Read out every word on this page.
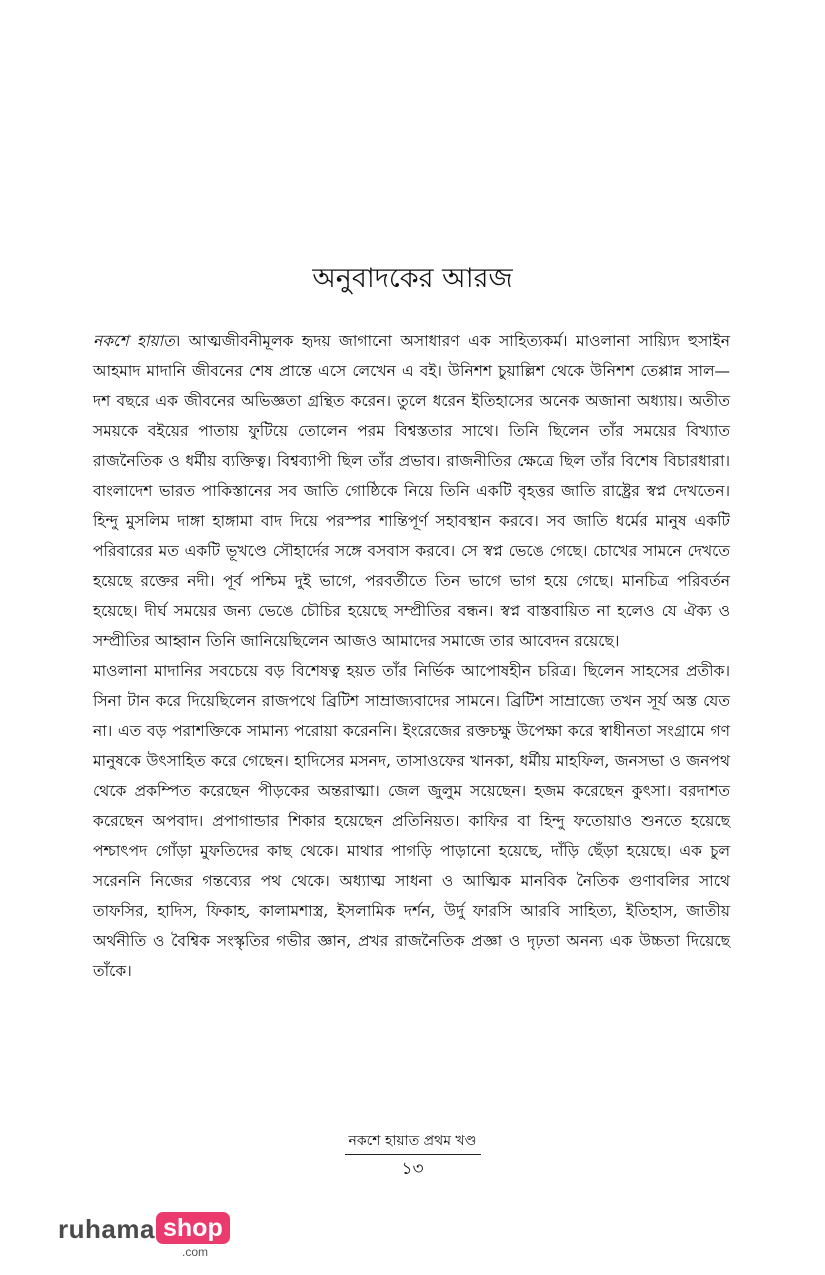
অনুবাদকের আরজ

নকশে হায়াত। আত্মজীবনীমূলক হৃদয় জাগানো অসাধারণ এক সাহিত্যকর্ম। মাওলানা সায়্যিদ হুসাইন আহমাদ মাদানি জীবনের শেষ প্রান্তে এসে লেখেন এ বই। উনিশশ চুয়াল্লিশ থেকে উনিশশ তেপ্পান্ন সাল— দশ বছরে এক জীবনের অভিজ্ঞতা গ্রন্থিত করেন। তুলে ধরেন ইতিহাসের অনেক অজানা অধ্যায়। অতীত সময়কে বইয়ের পাতায় ফুটিয়ে তোলেন পরম বিশ্বস্ততার সাথে। তিনি ছিলেন তাঁর সময়ের বিখ্যাত রাজনৈতিক ও ধর্মীয় ব্যক্তিত্ব। বিশ্বব্যাপী ছিল তাঁর প্রভাব। রাজনীতির ক্ষেত্রে ছিল তাঁর বিশেষ বিচারধারা। বাংলাদেশ ভারত পাকিস্তানের সব জাতি গোষ্ঠিকে নিয়ে তিনি একটি বৃহত্তর জাতি রাষ্ট্রের স্বপ্ন দেখতেন। হিন্দু মুসলিম দাঙ্গা হাঙ্গামা বাদ দিয়ে পরস্পর শান্তিপূর্ণ সহাবস্থান করবে। সব জাতি ধর্মের মানুষ একটি পরিবারের মত একটি ভূখণ্ডে সৌহার্দের সঙ্গে বসবাস করবে। সে স্বপ্ন ভেঙে গেছে। চোখের সামনে দেখতে হয়েছে রক্তের নদী। পূর্ব পশ্চিম দুই ভাগে, পরবর্তীতে তিন ভাগে ভাগ হয়ে গেছে। মানচিত্র পরিবর্তন হয়েছে। দীর্ঘ সময়ের জন্য ভেঙে চৌচির হয়েছে সম্প্রীতির বন্ধন। স্বপ্ন বাস্তবায়িত না হলেও যে ঐক্য ও সম্প্রীতির আহ্বান তিনি জানিয়েছিলেন আজও আমাদের সমাজে তার আবেদন রয়েছে।

মাওলানা মাদানির সবচেয়ে বড় বিশেষত্ব হয়ত তাঁর নির্ভিক আপোষহীন চরিত্র। ছিলেন সাহসের প্রতীক। সিনা টান করে দিয়েছিলেন রাজপথে ব্রিটিশ সাম্রাজ্যবাদের সামনে। ব্রিটিশ সাম্রাজ্যে তখন সূর্য অস্ত যেত না। এত বড় পরাশক্তিকে সামান্য পরোয়া করেননি। ইংরেজের রক্তচক্ষু উপেক্ষা করে স্বাধীনতা সংগ্রামে গণ মানুষকে উৎসাহিত করে গেছেন। হাদিসের মসনদ, তাসাওফের খানকা, ধর্মীয় মাহফিল, জনসভা ও জনপথ থেকে প্রকম্পিত করেছেন পীড়কের অন্তরাত্মা। জেল জুলুম সয়েছেন। হজম করেছেন কুৎসা। বরদাশত করেছেন অপবাদ। প্রপাগান্ডার শিকার হয়েছেন প্রতিনিয়ত। কাফির বা হিন্দু ফতোয়াও শুনতে হয়েছে পশ্চাৎপদ গোঁড়া মুফতিদের কাছ থেকে। মাথার পাগড়ি পাড়ানো হয়েছে, দাঁড়ি ছেঁড়া হয়েছে। এক চুল সরেননি নিজের গন্তব্যের পথ থেকে। অধ্যাত্ম সাধনা ও আত্মিক মানবিক নৈতিক গুণাবলির সাথে তাফসির, হাদিস, ফিকাহ, কালামশাস্ত্র, ইসলামিক দর্শন, উর্দু ফারসি আরবি সাহিত্য, ইতিহাস, জাতীয় অর্থনীতি ও বৈশ্বিক সংস্কৃতির গভীর জ্ঞান, প্রখর রাজনৈতিক প্রজ্ঞা ও দৃঢ়তা অনন্য এক উচ্চতা দিয়েছে তাঁকে।

নকশে হায়াত প্রথম খণ্ড
১৩
ruhama shop
.com
